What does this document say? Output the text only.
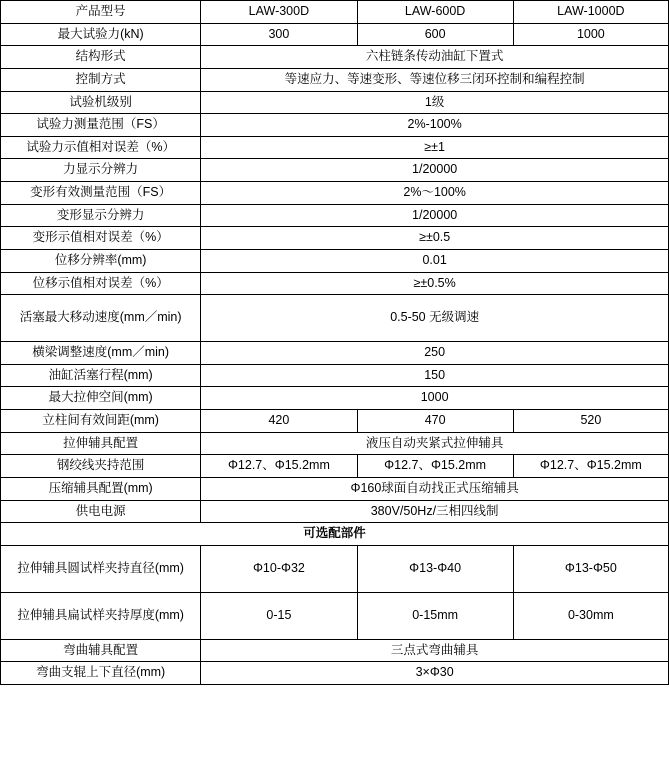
产品型号	LAW-300D	LAW-600D	LAW-1000D
最大试验力(kN)	300	600	1000
结构形式	六柱链条传动油缸下置式		
控制方式	等速应力、等速变形、等速位移三闭环控制和编程控制		
试验机级别	1级		
试验力测量范围（FS）	2%-100%		
试验力示值相对误差（%）	≥±1		
力显示分辨力	1/20000		
变形有效测量范围（FS）	2%～100%		
变形显示分辨力	1/20000		
变形示值相对误差（%）	≥±0.5		
位移分辨率(mm)	0.01		
位移示值相对误差（%）	≥±0.5%		
活塞最大移动速度(mm／min)	0.5-50 无级调速		
横梁调整速度(mm／min)	250		
油缸活塞行程(mm)	150		
最大拉伸空间(mm)	1000		
立柱间有效间距(mm)	420	470	520
拉伸辅具配置	液压自动夹紧式拉伸辅具		
钢绞线夹持范围	Φ12.7、Φ15.2mm	Φ12.7、Φ15.2mm	Φ12.7、Φ15.2mm
压缩辅具配置(mm)	Φ160球面自动找正式压缩辅具		
供电电源	380V/50Hz/三相四线制		
可选配部件			
拉伸辅具圆试样夹持直径(mm)	Φ10-Φ32	Φ13-Φ40	Φ13-Φ50
拉伸辅具扁试样夹持厚度(mm)	0-15	0-15mm	0-30mm
弯曲辅具配置	三点式弯曲辅具		
弯曲支辊上下直径(mm)	3×Φ30		
